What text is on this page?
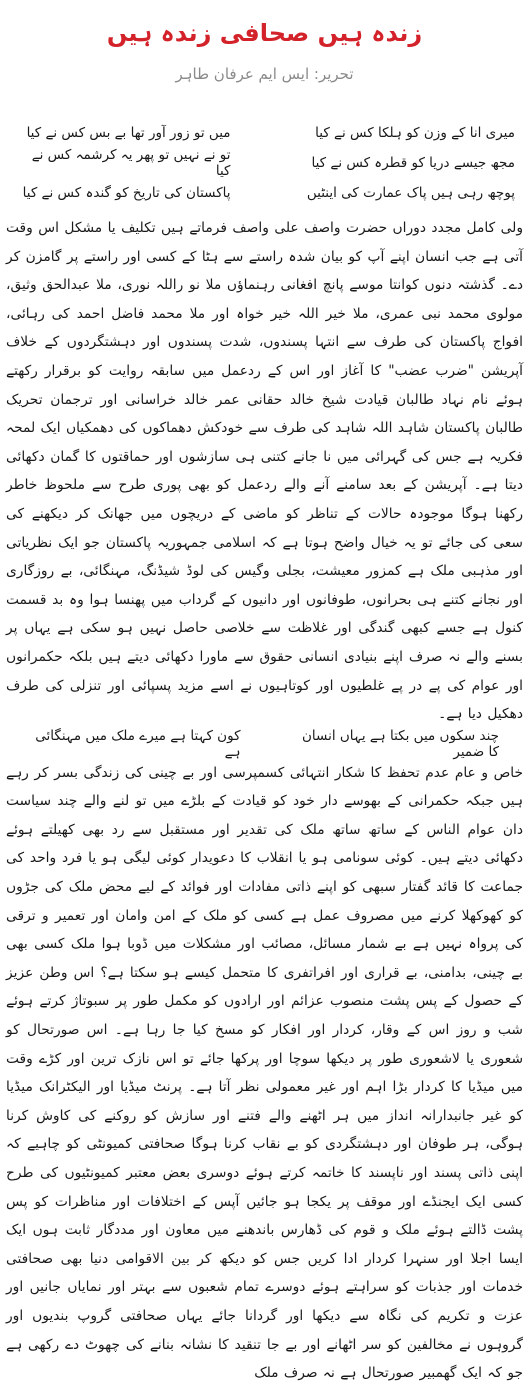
زندہ ہیں صحافی زندہ ہیں
تحریر: ایس ایم عرفان طاہر
میری انا کے وزن کو ہلکا کس نے کیا
میں تو زور آور تھا بے بس کس نے کیا
مجھ جیسے دریا کو قطرہ کس نے کیا
تو نے نہیں تو پھر یہ کرشمہ کس نے کیا
پوچھ رہی ہیں پاک عمارت کی اینٹیں
پاکستان کی تاریخ کو گندہ کس نے کیا

ولی کامل مجدد دوراں حضرت واصف علی واصف فرماتے ہیں تکلیف یا مشکل اس وقت آتی ہے جب انسان اپنے آپ کو بیان شدہ راستے سے ہٹا کے کسی اور راستے پر گامزن کر دے۔ گذشتہ دنوں کوانتا موسے پانچ افغانی رہنماؤں ملا نو راللہ نوری، ملا عبدالحق وثیق، مولوی محمد نبی عمری، ملا خیر اللہ خیر خواہ اور ملا محمد فاضل احمد کی رہائی، افواج پاکستان کی طرف سے انتہا پسندوں، شدت پسندوں اور دہشتگردوں کے خلاف آپریشن "ضرب عضب" کا آغاز اور اس کے ردعمل میں سابقہ روایت کو برقرار رکھتے ہوئے نام نہاد طالبان قیادت شیخ خالد حقانی عمر خالد خراسانی اور ترجمان تحریک طالبان پاکستان شاہد اللہ شاہد کی طرف سے خودکش دھماکوں کی دھمکیاں ایک لمحہ فکریہ ہے جس کی گہرائی میں نا جانے کتنی ہی سازشوں اور حماقتوں کا گمان دکھائی دیتا ہے۔ آپریشن کے بعد سامنے آنے والے ردعمل کو بھی پوری طرح سے ملحوظ خاطر رکھنا ہوگا موجودہ حالات کے تناظر کو ماضی کے دریچوں میں جھانک کر دیکھنے کی سعی کی جائے تو یہ خیال واضح ہوتا ہے کہ اسلامی جمہوریہ پاکستان جو ایک نظریاتی اور مذہبی ملک ہے کمزور معیشت، بجلی وگیس کی لوڈ شیڈنگ، مہنگائی، بے روزگاری اور نجانے کتنے ہی بحرانوں، طوفانوں اور دانیوں کے گرداب میں پھنسا ہوا وہ بد قسمت کنول ہے جسے کبھی گندگی اور غلاظت سے خلاصی حاصل نہیں ہو سکی ہے یہاں پر بسنے والے نہ صرف اپنے بنیادی انسانی حقوق سے ماورا دکھائی دیتے ہیں بلکہ حکمرانوں اور عوام کی پے در پے غلطیوں اور کوتاہیوں نے اسے مزید پسپائی اور تنزلی کی طرف دھکیل دیا ہے۔

چند سکوں میں بکتا ہے یہاں انسان کا ضمیر
کون کہتا ہے میرے ملک میں مہنگائی ہے

خاص و عام عدم تحفظ کا شکار انتہائی کسمپرسی اور بے چینی کی زندگی بسر کر رہے ہیں جبکہ حکمرانی کے بھوسے دار خود کو قیادت کے بلڑے میں تو لنے والے چند سیاست دان عوام الناس کے ساتھ ساتھ ملک کی تقدیر اور مستقبل سے رد بھی کھیلتے ہوئے دکھائی دیتے ہیں۔ کوئی سونامی ہو یا انقلاب کا دعویدار کوئی لیگی ہو یا فرد واحد کی جماعت کا قائد گفتار سبھی کو اپنے ذاتی مفادات اور فوائد کے لیے محض ملک کی جڑوں کو کھوکھلا کرنے میں مصروف عمل ہے کسی کو ملک کے امن وامان اور تعمیر و ترقی کی پرواہ نہیں ہے بے شمار مسائل، مصائب اور مشکلات میں ڈوبا ہوا ملک کسی بھی بے چینی، بدامنی، بے قراری اور افراتفری کا متحمل کیسے ہو سکتا ہے؟ اس وطن عزیز کے حصول کے پس پشت منصوب عزائم اور ارادوں کو مکمل طور پر سبوتاژ کرتے ہوئے شب و روز اس کے وقار، کردار اور افکار کو مسخ کیا جا رہا ہے۔ اس صورتحال کو شعوری یا لاشعوری طور پر دیکھا سوچا اور پرکھا جائے تو اس نازک ترین اور کڑے وقت میں میڈیا کا کردار بڑا اہم اور غیر معمولی نظر آتا ہے۔ پرنٹ میڈیا اور الیکٹرانک میڈیا کو غیر جانبدارانہ انداز میں ہر اٹھنے والے فتنے اور سازش کو روکنے کی کاوش کرنا ہوگی، ہر طوفان اور دہشتگردی کو بے نقاب کرنا ہوگا صحافتی کمیونٹی کو چاہیے کہ اپنی ذاتی پسند اور ناپسند کا خاتمہ کرتے ہوئے دوسری بعض معتبر کمیونٹیوں کی طرح کسی ایک ایجنڈے اور موقف پر یکجا ہو جائیں آپس کے اختلافات اور مناظرات کو پس پشت ڈالتے ہوئے ملک و قوم کی ڈھارس باندھنے میں معاون اور مددگار ثابت ہوں ایک ایسا اجلا اور سنہرا کردار ادا کریں جس کو دیکھ کر بین الاقوامی دنیا بھی صحافتی خدمات اور جذبات کو سراہتے ہوئے دوسرے تمام شعبوں سے بہتر اور نمایاں جانیں اور عزت و تکریم کی نگاہ سے دیکھا اور گردانا جائے یہاں صحافتی گروپ بندیوں اور گروہوں نے مخالفین کو سر اٹھانے اور بے جا تنقید کا نشانہ بنانے کی چھوٹ دے رکھی ہے جو کہ ایک گھمبیر صورتحال ہے نہ صرف ملک
